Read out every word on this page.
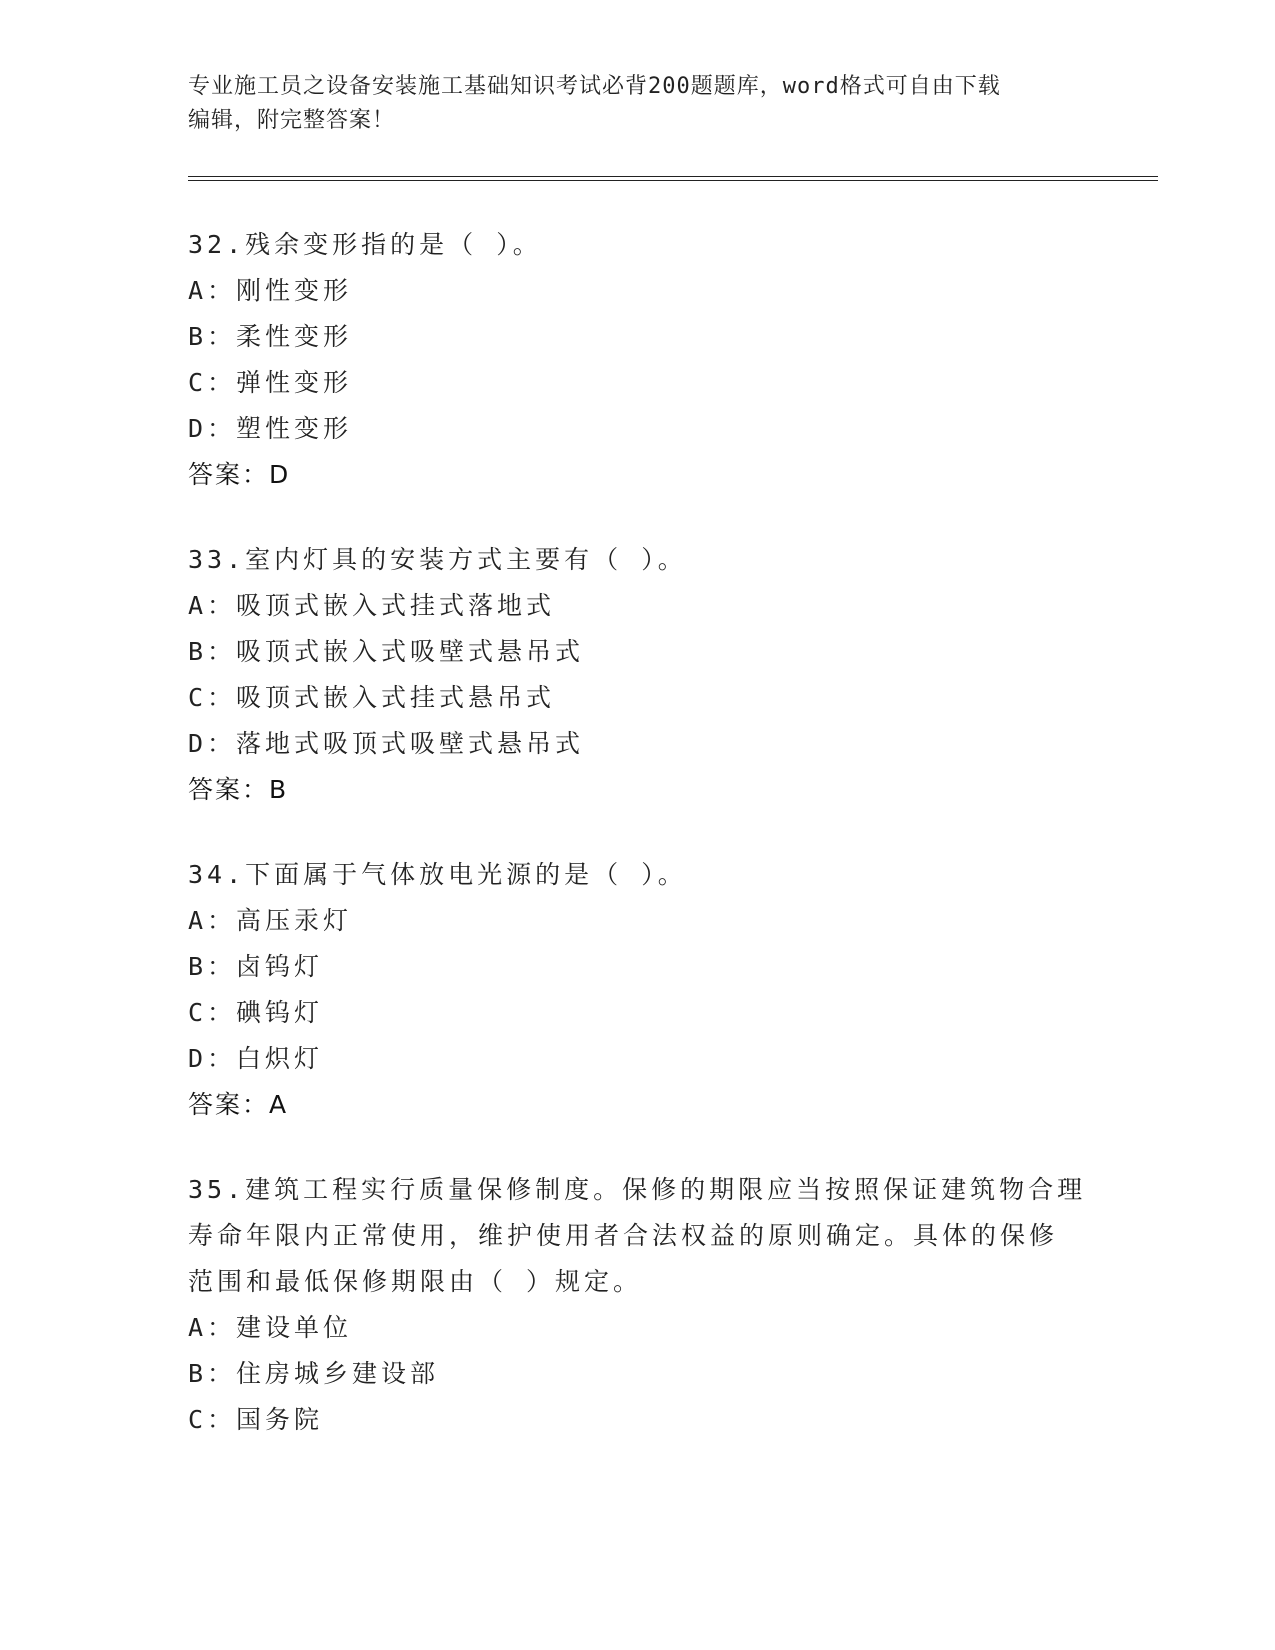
专业施工员之设备安装施工基础知识考试必背200题题库，word格式可自由下载
编辑，附完整答案！
32.残余变形指的是（ ）。
A：刚性变形
B：柔性变形
C：弹性变形
D：塑性变形
答案：D
33.室内灯具的安装方式主要有（ ）。
A：吸顶式嵌入式挂式落地式
B：吸顶式嵌入式吸壁式悬吊式
C：吸顶式嵌入式挂式悬吊式
D：落地式吸顶式吸壁式悬吊式
答案：B
34.下面属于气体放电光源的是（ ）。
A：高压汞灯
B：卤钨灯
C：碘钨灯
D：白炽灯
答案：A
35.建筑工程实行质量保修制度。保修的期限应当按照保证建筑物合理
寿命年限内正常使用，维护使用者合法权益的原则确定。具体的保修
范围和最低保修期限由（ ）规定。
A：建设单位
B：住房城乡建设部
C：国务院
